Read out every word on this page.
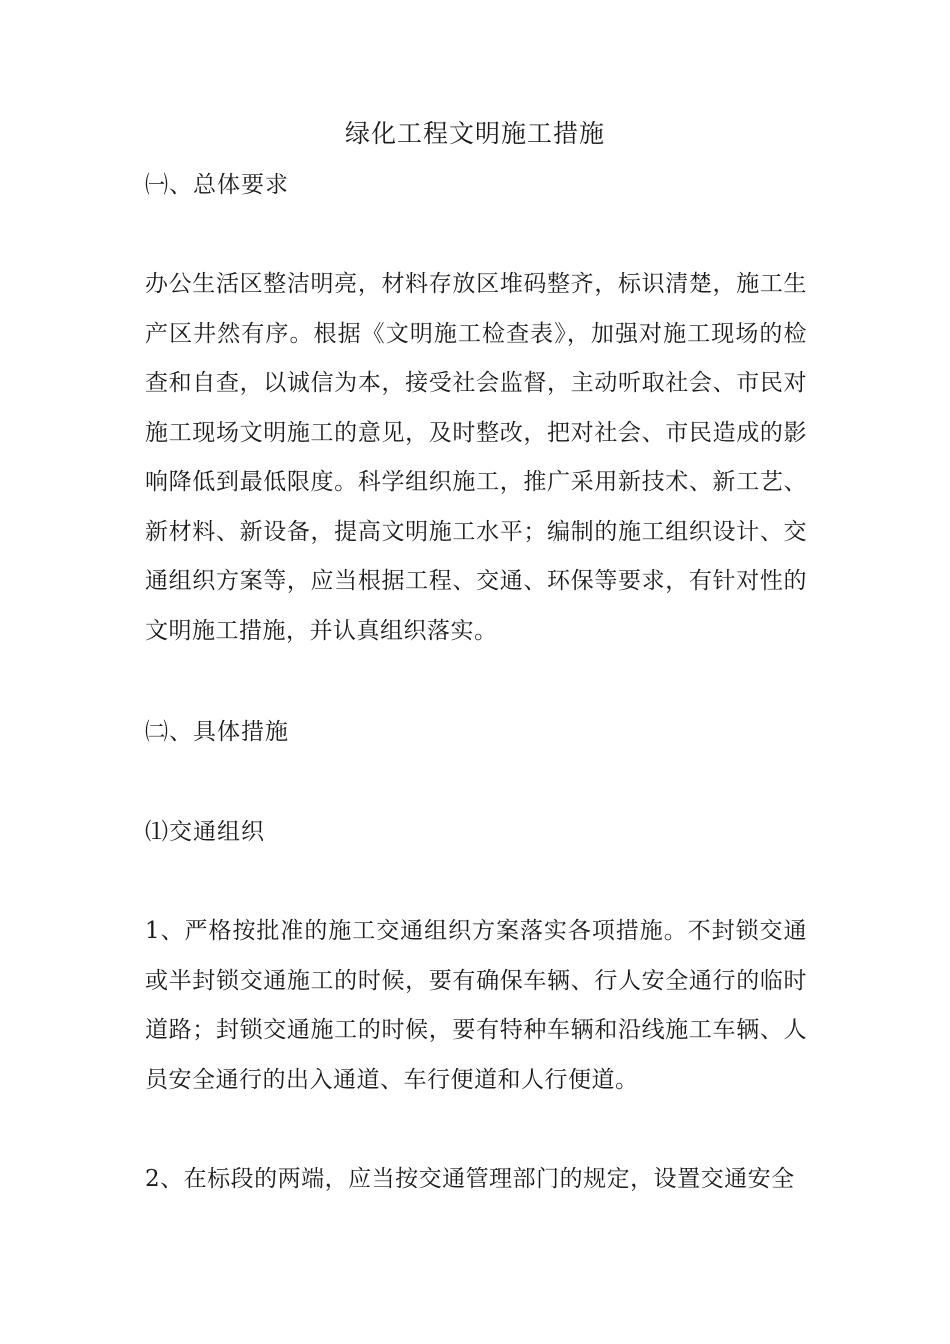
绿化工程文明施工措施
㈠、总体要求
办公生活区整洁明亮，材料存放区堆码整齐，标识清楚，施工生产区井然有序。根据《文明施工检查表》，加强对施工现场的检查和自查，以诚信为本，接受社会监督，主动听取社会、市民对施工现场文明施工的意见，及时整改，把对社会、市民造成的影响降低到最低限度。科学组织施工，推广采用新技术、新工艺、新材料、新设备，提高文明施工水平；编制的施工组织设计、交通组织方案等，应当根据工程、交通、环保等要求，有针对性的文明施工措施，并认真组织落实。
㈡、具体措施
⑴交通组织
1、严格按批准的施工交通组织方案落实各项措施。不封锁交通或半封锁交通施工的时候，要有确保车辆、行人安全通行的临时道路；封锁交通施工的时候，要有特种车辆和沿线施工车辆、人员安全通行的出入通道、车行便道和人行便道。
2、在标段的两端，应当按交通管理部门的规定，设置交通安全
